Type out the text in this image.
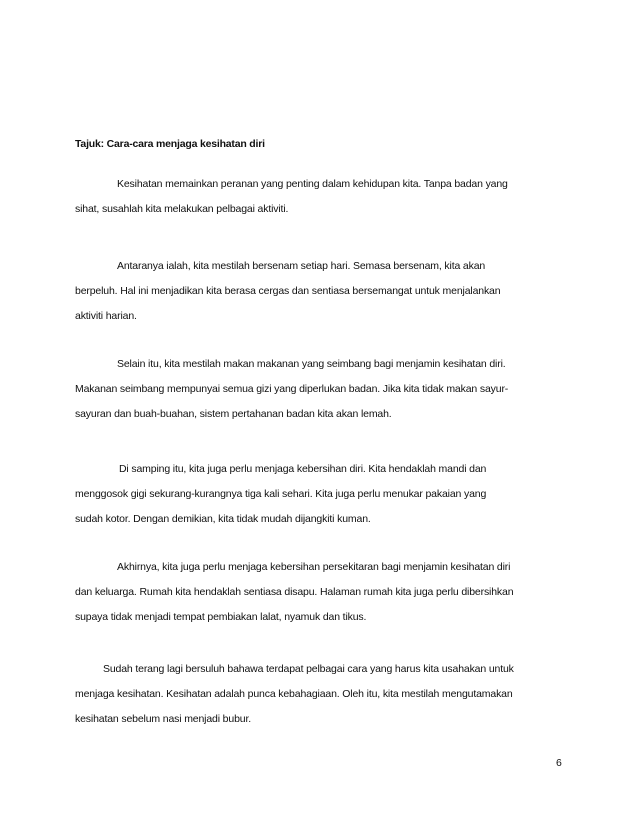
Tajuk: Cara-cara menjaga kesihatan diri

Kesihatan memainkan peranan yang penting dalam kehidupan kita. Tanpa badan yang
sihat, susahlah kita melakukan pelbagai aktiviti.

Antaranya ialah, kita mestilah bersenam setiap hari. Semasa bersenam, kita akan
berpeluh. Hal ini menjadikan kita berasa cergas dan sentiasa bersemangat untuk menjalankan
aktiviti harian.

Selain itu, kita mestilah makan makanan yang seimbang bagi menjamin kesihatan diri.
Makanan seimbang mempunyai semua gizi yang diperlukan badan. Jika kita tidak makan sayur-
sayuran dan buah-buahan, sistem pertahanan badan kita akan lemah.

Di samping itu, kita juga perlu menjaga kebersihan diri. Kita hendaklah mandi dan
menggosok gigi sekurang-kurangnya tiga kali sehari. Kita juga perlu menukar pakaian yang
sudah kotor. Dengan demikian, kita tidak mudah dijangkiti kuman.

Akhirnya, kita juga perlu menjaga kebersihan persekitaran bagi menjamin kesihatan diri
dan keluarga. Rumah kita hendaklah sentiasa disapu. Halaman rumah kita juga perlu dibersihkan
supaya tidak menjadi tempat pembiakan lalat, nyamuk dan tikus.

Sudah terang lagi bersuluh bahawa terdapat pelbagai cara yang harus kita usahakan untuk
menjaga kesihatan. Kesihatan adalah punca kebahagiaan. Oleh itu, kita mestilah mengutamakan
kesihatan sebelum nasi menjadi bubur.

6
